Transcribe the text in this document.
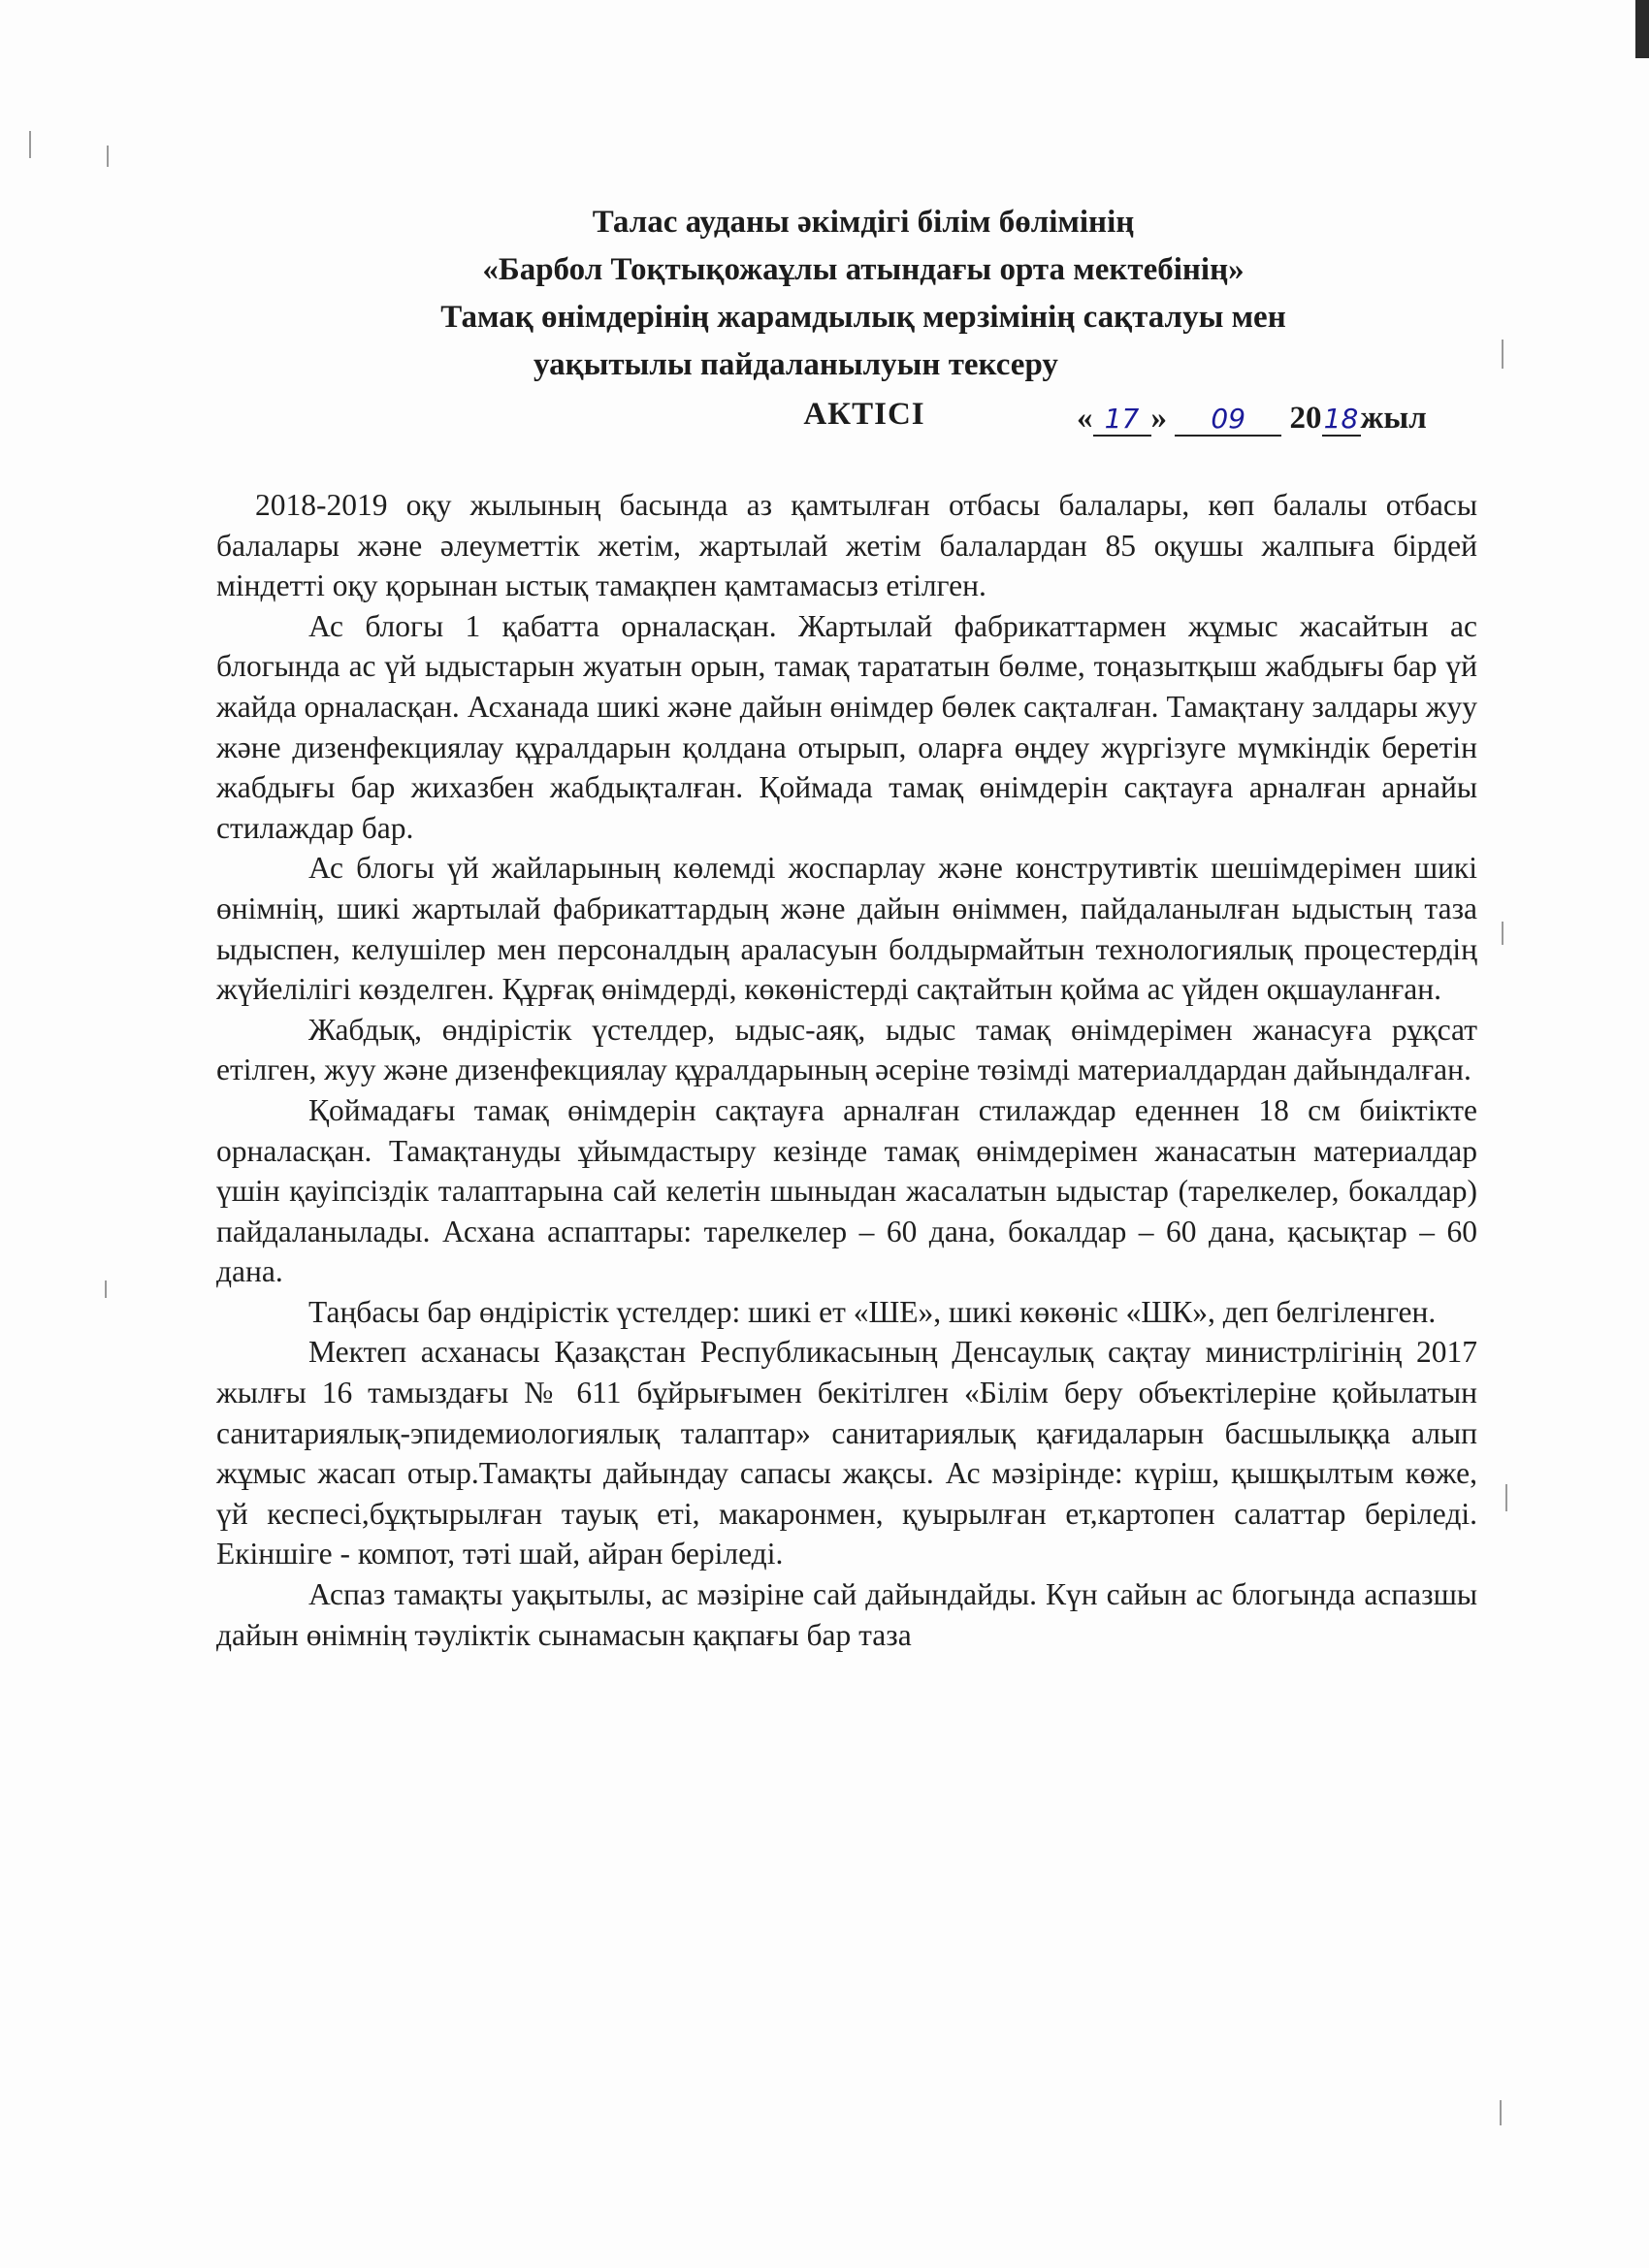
Талас ауданы әкімдігі білім бөлімінің
«Барбол Тоқтықожаұлы атындағы орта мектебінің»
Тамақ өнімдерінің жарамдылық мерзімінің сақталуы мен
уақытылы пайдаланылуын тексеру
АКТІСІ	« 17 » 09 2018жыл

2018-2019 оқу жылының басында аз қамтылған отбасы балалары, көп балалы отбасы балалары және әлеуметтік жетім, жартылай жетім балалардан 85 оқушы жалпыға бірдей міндетті оқу қорынан ыстық тамақпен қамтамасыз етілген.

Ас блогы 1 қабатта орналасқан. Жартылай фабрикаттармен жұмыс жасайтын ас блогында ас үй ыдыстарын жуатын орын, тамақ тарататын бөлме, тоңазытқыш жабдығы бар үй жайда орналасқан. Асханада шикі және дайын өнімдер бөлек сақталған. Тамақтану залдары жуу және дизенфекциялау құралдарын қолдана отырып, оларға өңдеу жүргізуге мүмкіндік беретін жабдығы бар жихазбен жабдықталған. Қоймада тамақ өнімдерін сақтауға арналған арнайы стилаждар бар.

Ас блогы үй жайларының көлемді жоспарлау және конструтивтік шешімдерімен шикі өнімнің, шикі жартылай фабрикаттардың және дайын өніммен, пайдаланылған ыдыстың таза ыдыспен, келушілер мен персоналдың араласуын болдырмайтын технологиялық процестердің жүйелілігі көзделген. Құрғақ өнімдерді, көкөністерді сақтайтын қойма ас үйден оқшауланған.

Жабдық, өндірістік үстелдер, ыдыс-аяқ, ыдыс тамақ өнімдерімен жанасуға рұқсат етілген, жуу және дизенфекциялау құралдарының әсеріне төзімді материалдардан дайындалған.

Қоймадағы тамақ өнімдерін сақтауға арналған стилаждар еденнен 18 см биіктікте орналасқан. Тамақтануды ұйымдастыру кезінде тамақ өнімдерімен жанасатын материалдар үшін қауіпсіздік талаптарына сай келетін шыныдан жасалатын ыдыстар (тарелкелер, бокалдар) пайдаланылады. Асхана аспаптары: тарелкелер – 60 дана, бокалдар – 60 дана, қасықтар – 60 дана.

Таңбасы бар өндірістік үстелдер: шикі ет «ШЕ», шикі көкөніс «ШК», деп белгіленген.

Мектеп асханасы Қазақстан Республикасының Денсаулық сақтау министрлігінің 2017 жылғы 16 тамыздағы № 611 бұйрығымен бекітілген «Білім беру объектілеріне қойылатын санитариялық-эпидемиологиялық талаптар» санитариялық қағидаларын басшылыққа алып жұмыс жасап отыр.Тамақты дайындау сапасы жақсы. Ас мәзірінде: күріш, қышқылтым көже, үй кеспесі,бұқтырылған тауық еті, макаронмен, қуырылған ет,картопен салаттар беріледі. Екіншіге - компот, тәті шай, айран беріледі.

Аспаз тамақты уақытылы, ас мәзіріне сай дайындайды. Күн сайын ас блогында аспазшы дайын өнімнің тәуліктік сынамасын қақпағы бар таза
